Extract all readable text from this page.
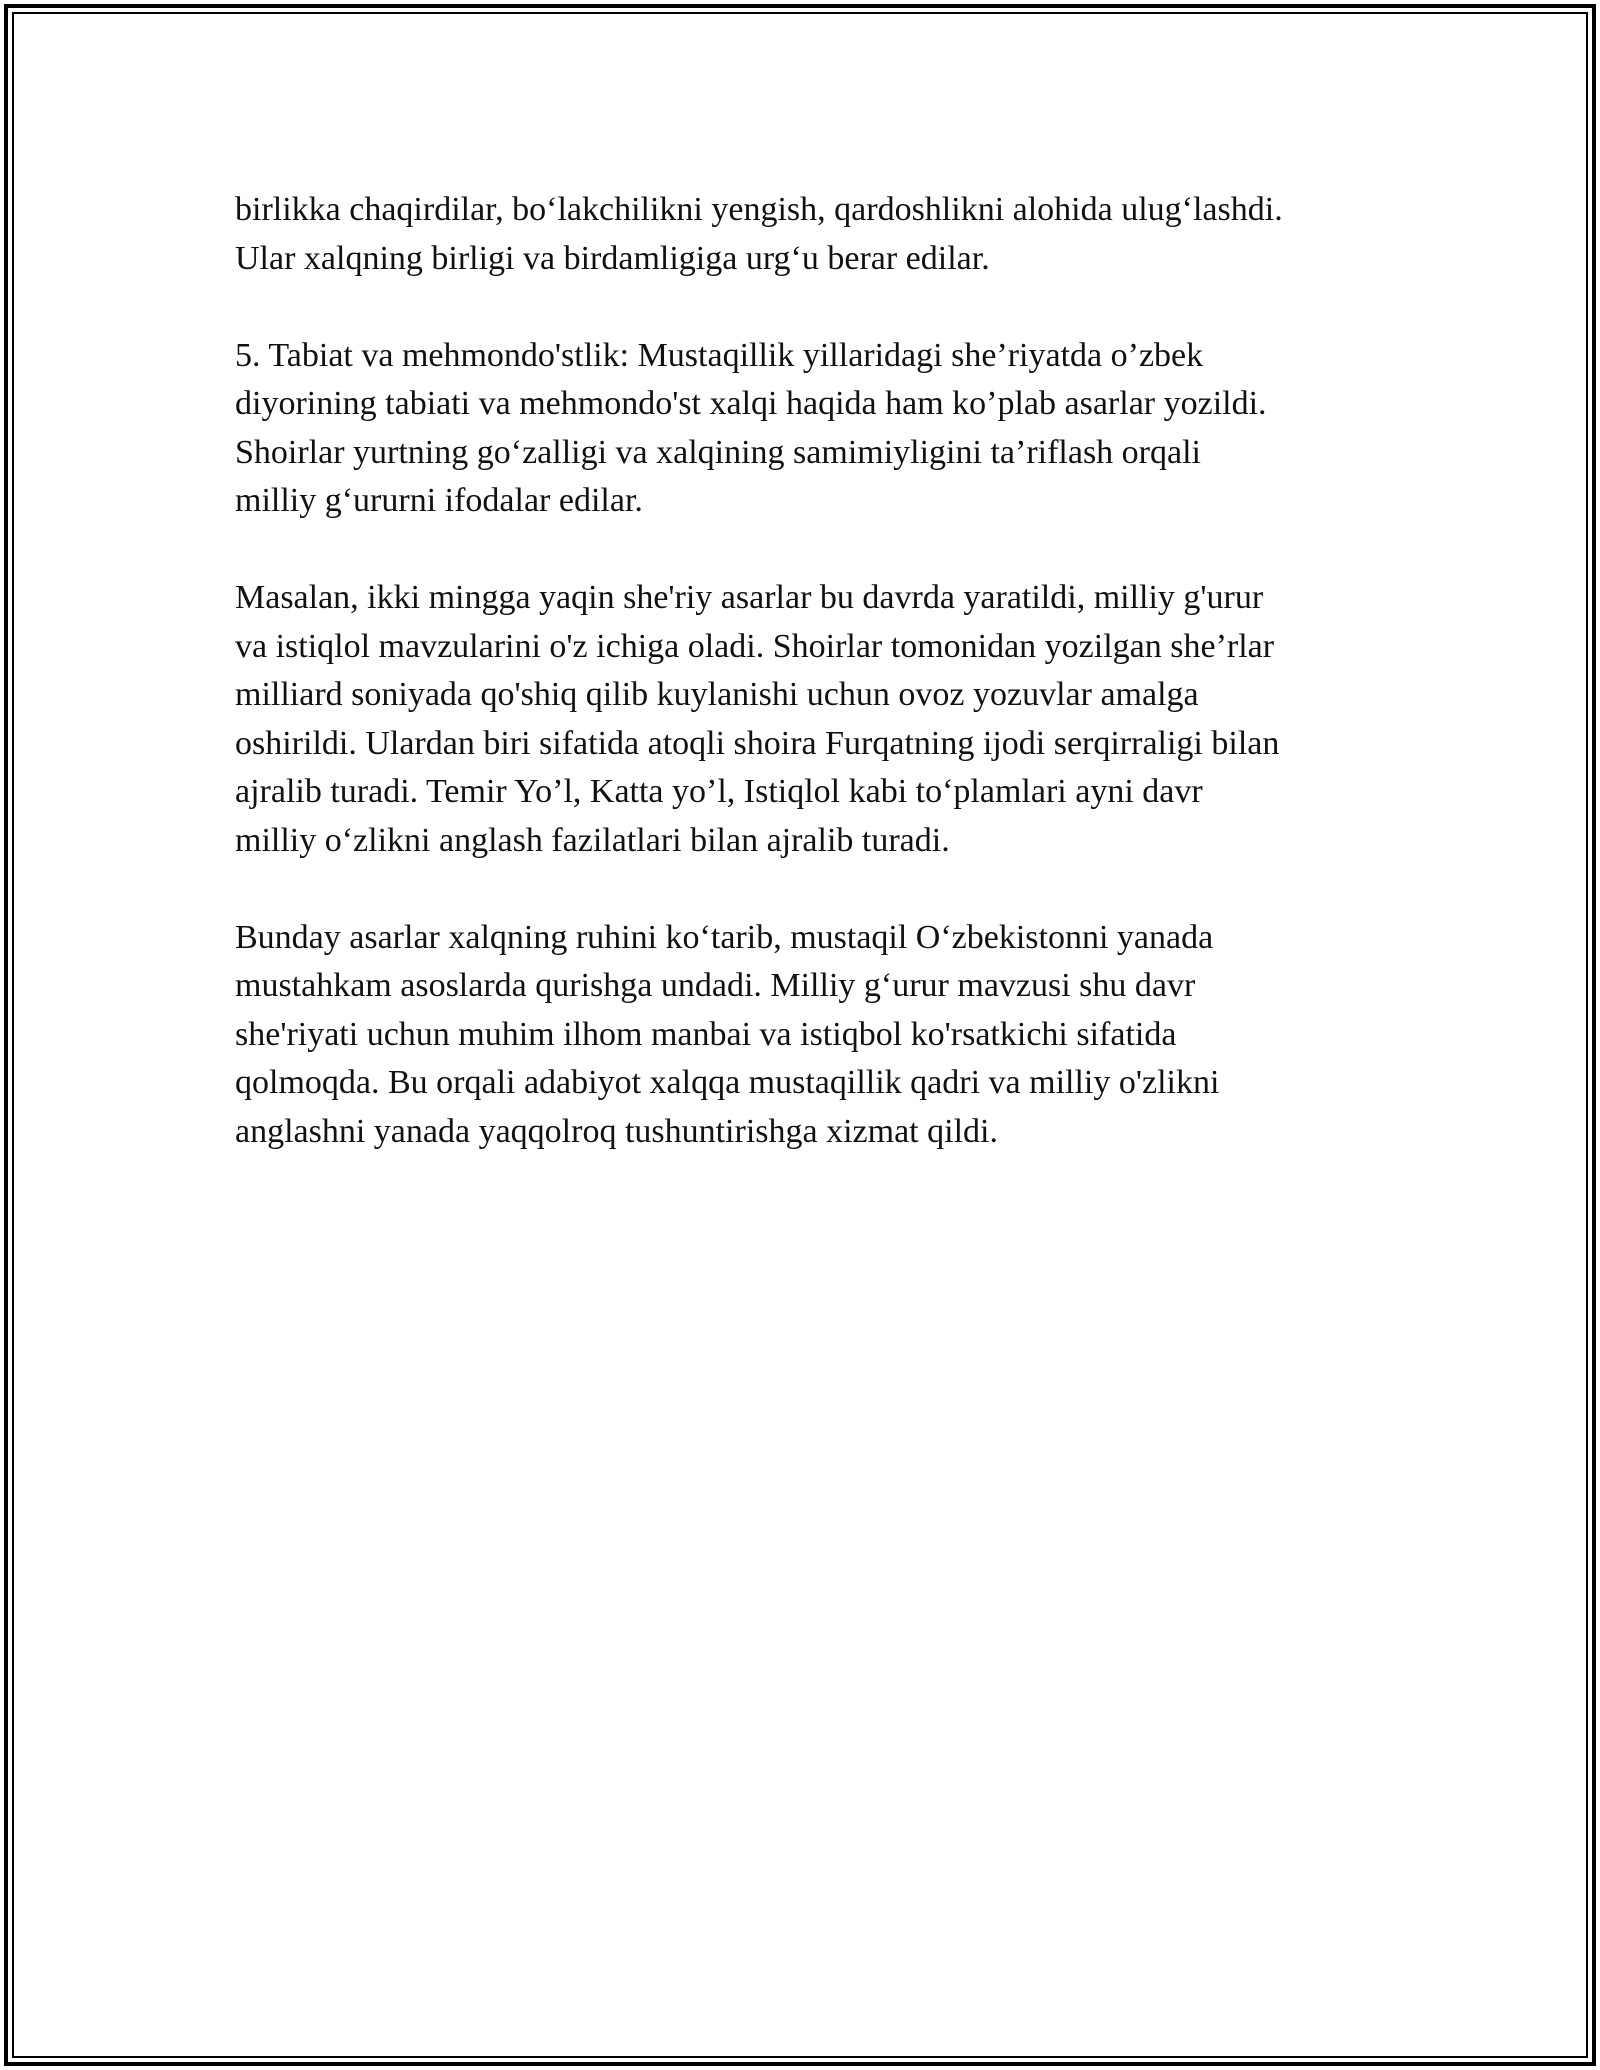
birlikka chaqirdilar, bo‘lakchilikni yengish, qardoshlikni alohida ulug‘lashdi.
Ular xalqning birligi va birdamligiga urg‘u berar edilar.

5. Tabiat va mehmondo'stlik: Mustaqillik yillaridagi she’riyatda o’zbek
diyorining tabiati va mehmondo'st xalqi haqida ham ko’plab asarlar yozildi.
Shoirlar yurtning go‘zalligi va xalqining samimiyligini ta’riflash orqali
milliy g‘ururni ifodalar edilar.

Masalan, ikki mingga yaqin she'riy asarlar bu davrda yaratildi, milliy g'urur
va istiqlol mavzularini o'z ichiga oladi. Shoirlar tomonidan yozilgan she’rlar
milliard soniyada qo'shiq qilib kuylanishi uchun ovoz yozuvlar amalga
oshirildi. Ulardan biri sifatida atoqli shoira Furqatning ijodi serqirraligi bilan
ajralib turadi. Temir Yo’l, Katta yo’l, Istiqlol kabi to‘plamlari ayni davr
milliy o‘zlikni anglash fazilatlari bilan ajralib turadi.

Bunday asarlar xalqning ruhini ko‘tarib, mustaqil O‘zbekistonni yanada
mustahkam asoslarda qurishga undadi. Milliy g‘urur mavzusi shu davr
she'riyati uchun muhim ilhom manbai va istiqbol ko'rsatkichi sifatida
qolmoqda. Bu orqali adabiyot xalqqa mustaqillik qadri va milliy o'zlikni
anglashni yanada yaqqolroq tushuntirishga xizmat qildi.
